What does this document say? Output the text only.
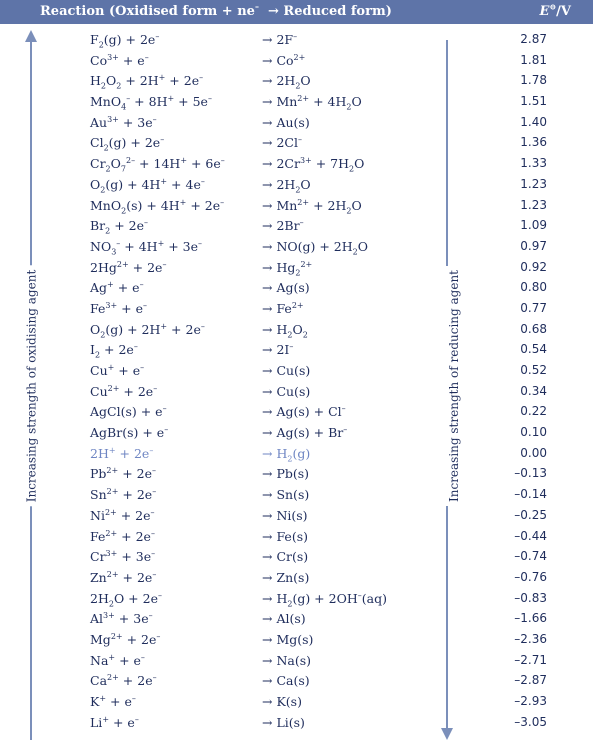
Reaction (Oxidised form + ne– → Reduced form)	E⊖/V
Increasing strength of oxidising agent	Increasing strength of reducing agent
$F_2(g) + 2e^-$	→ 2F–	2.87
$Co^{3+} + e^-$	→ $Co^{2+}$	1.81
$H_2O_2 + 2H^+ + 2e^-$	→ $2H_2O$	1.78
MnO$_4$– + 8H+ + 5e–	→ $Mn^{2+} + 4H_2O$	1.51
$Au^{3+} + 3e^-$	→ Au(s)	1.40
$Cl_2(g) + 2e^-$	→ 2Cl–	1.36
$Cr_2O_7^{2-} + 14H^+ + 6e^-$	→ $2Cr^{3+} + 7H_2O$	1.33
$O_2(g) + 4H^+ + 4e^-$	→ $2H_2O$	1.23
MnO$_2$(s) + 4H+ + 2e–	→ $Mn^{2+} + 2H_2O$	1.23
$Br_2 + 2e^-$	→ 2Br–	1.09
$NO_3^- + 4H^+ + 3e^-$	→ $NO(g) + 2H_2O$	0.97
$2Hg^{2+} + 2e^-$	→ $Hg_2^{2+}$	0.92
Ag+ + e–	→ Ag(s)	0.80
$Fe^{3+} + e^-$	→ $Fe^{2+}$	0.77
$O_2(g) + 2H^+ + 2e^-$	→ $H_2O_2$	0.68
$I_2 + 2e^-$	→ 2I–	0.54
Cu+ + e–	→ Cu(s)	0.52
$Cu^{2+} + 2e^-$	→ Cu(s)	0.34
AgCl(s) + e–	→ Ag(s) + Cl–	0.22
AgBr(s) + e–	→ Ag(s) + Br–	0.10
2H+ + 2e–	→ $H_2(g)$	0.00
$Pb^{2+} + 2e^-$	→ Pb(s)	–0.13
$Sn^{2+} + 2e^-$	→ Sn(s)	–0.14
$Ni^{2+} + 2e^-$	→ Ni(s)	–0.25
$Fe^{2+} + 2e^-$	→ Fe(s)	–0.44
$Cr^{3+} + 3e^-$	→ Cr(s)	–0.74
$Zn^{2+} + 2e^-$	→ Zn(s)	–0.76
$2H_2O + 2e^-$	→ $H_2(g) + 2OH^-(aq)$	–0.83
$Al^{3+} + 3e^-$	→ Al(s)	–1.66
$Mg^{2+} + 2e^-$	→ Mg(s)	–2.36
Na+ + e–	→ Na(s)	–2.71
$Ca^{2+} + 2e^-$	→ Ca(s)	–2.87
K+ + e–	→ K(s)	–2.93
Li+ + e–	→ Li(s)	–3.05
